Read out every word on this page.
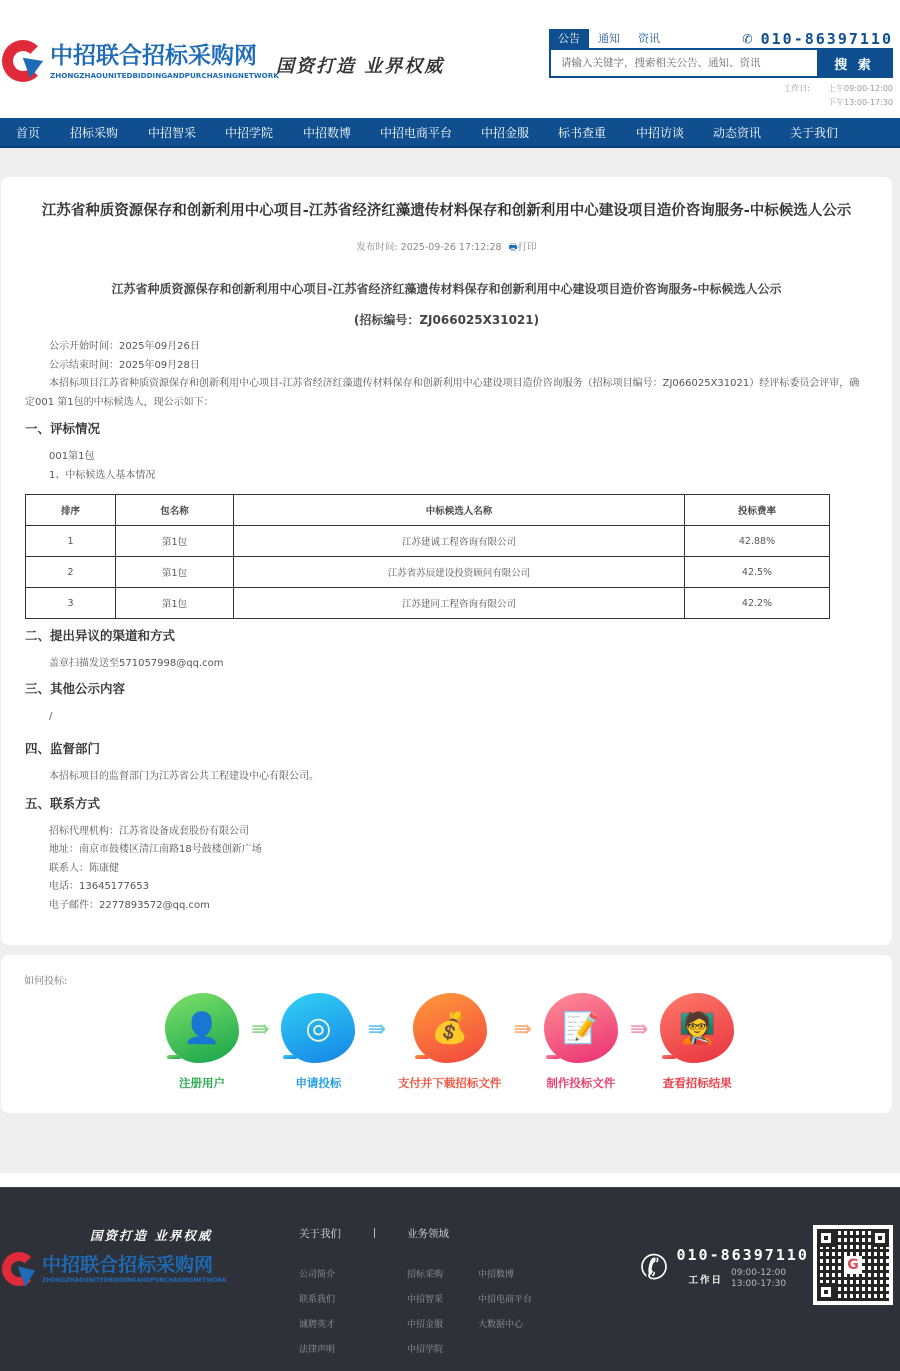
中招联合招标采购网
ZHONGZHAOUNITEDBIDDINGANDPURCHASINGNETWORK
国资打造 业界权威
公告	通知	资讯	✆ 010-86397110
请输入关键字，搜索相关公告、通知、资讯
搜 索
工作日: 上午09:00-12:00
下午13:00-17:30
首页	招标采购	中招智采	中招学院	中招数博	中招电商平台	中招金服	标书查重	中招访谈	动态资讯	关于我们
江苏省种质资源保存和创新利用中心项目-江苏省经济红藻遗传材料保存和创新利用中心建设项目造价咨询服务-中标候选人公示
发布时间: 2025-09-26 17:12:28 🖶打印
江苏省种质资源保存和创新利用中心项目-江苏省经济红藻遗传材料保存和创新利用中心建设项目造价咨询服务-中标候选人公示
(招标编号：ZJ066025X31021)
公示开始时间：2025年09月26日
公示结束时间：2025年09月28日
本招标项目江苏省种质资源保存和创新利用中心项目-江苏省经济红藻遗传材料保存和创新利用中心建设项目造价咨询服务（招标项目编号：ZJ066025X31021）经评标委员会评审，确定001 第1包的中标候选人，现公示如下：
一、评标情况
001第1包
1、中标候选人基本情况
排序	包名称	中标候选人名称	投标费率
1	第1包	江苏建诚工程咨询有限公司	42.88%
2	第1包	江苏省苏辰建设投资顾问有限公司	42.5%
3	第1包	江苏建同工程咨询有限公司	42.2%
二、提出异议的渠道和方式
盖章扫描发送至571057998@qq.com
三、其他公示内容
/
四、监督部门
本招标项目的监督部门为江苏省公共工程建设中心有限公司。
五、联系方式
招标代理机构：江苏省设备成套股份有限公司
地址：南京市鼓楼区清江南路18号鼓楼创新广场
联系人：陈康健
电话：13645177653
电子邮件：2277893572@qq.com
如何投标:
👤
注册用户
⇛	◎
申请投标
⇛	💰
支付并下载招标文件
⇛	📝
制作投标文件
⇛	🧑‍🏫
查看招标结果
国资打造 业界权威
中招联合招标采购网
ZHONGZHAOUNITEDBIDDINGANDPURCHASINGNETWORK
关于我们	业务领域
公司简介
联系我们
诚聘英才
法律声明
招标采购
中招智采
中招金服
中招学院
中招数博
中招电商平台
大数据中心
✆ 010-86397110
工作日
09:00-12:00
13:00-17:30
G
